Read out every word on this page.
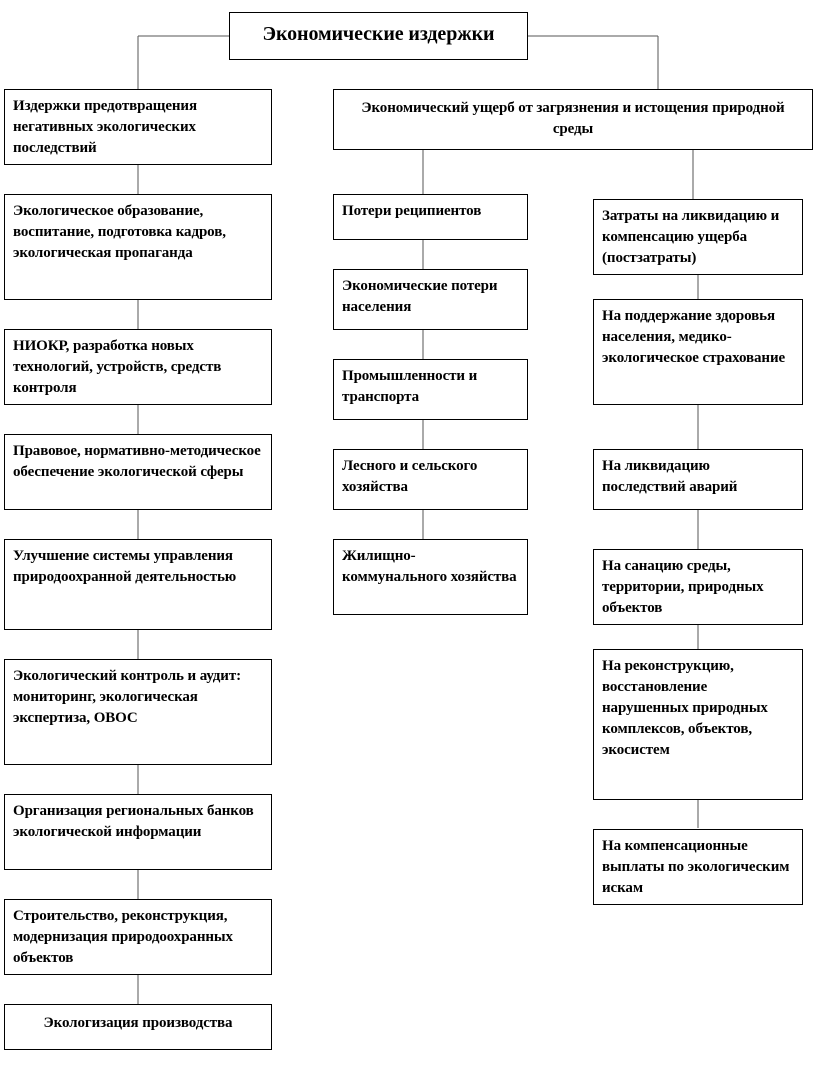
Экономические издержки
Издержки предотвращения негативных экологических последствий
Экологическое образование, воспитание, подготовка кадров, экологическая пропаганда
НИОКР, разработка новых технологий, устройств, средств контроля
Правовое, нормативно-методическое обеспечение экологической сферы
Улучшение системы управления природоохранной деятельностью
Экологический контроль и аудит: мониторинг, экологическая экспертиза, ОВОС
Организация региональных банков экологической информации
Строительство, реконструкция, модернизация природоохранных объектов
Экологизация производства
Экономический ущерб от загрязнения и истощения природной среды
Потери реципиентов
Экономические потери населения
Промышленности и транспорта
Лесного и сельского хозяйства
Жилищно-коммунального хозяйства
Затраты на ликвидацию и компенсацию ущерба (постзатраты)
На поддержание здоровья населения, медико-экологическое страхование
На ликвидацию последствий аварий
На санацию среды, территории, природных объектов
На реконструкцию, восстановление нарушенных природных комплексов, объектов, экосистем
На компенсационные выплаты по экологическим искам
